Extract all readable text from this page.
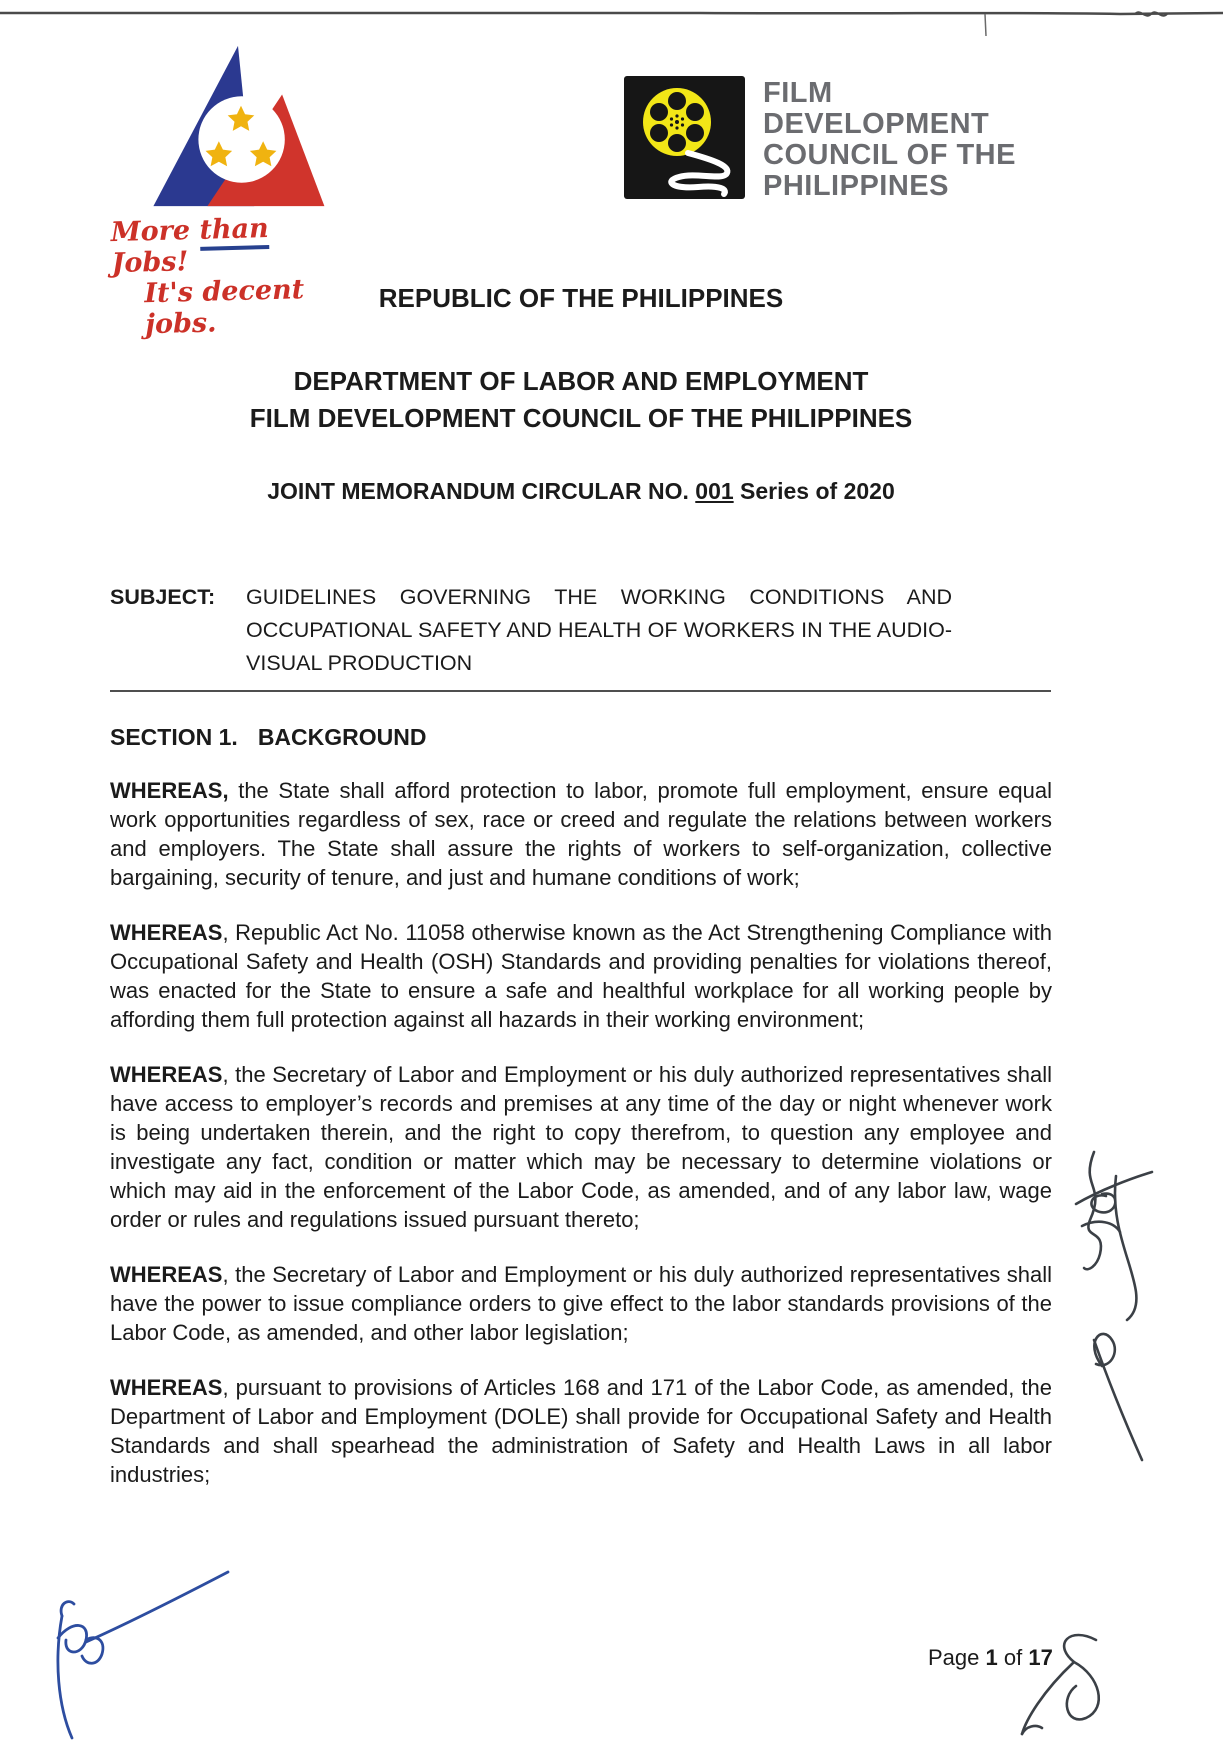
More than Jobs!
It's decent jobs.
FILM
DEVELOPMENT
COUNCIL OF THE
PHILIPPINES
REPUBLIC OF THE PHILIPPINES
DEPARTMENT OF LABOR AND EMPLOYMENT
FILM DEVELOPMENT COUNCIL OF THE PHILIPPINES
JOINT MEMORANDUM CIRCULAR NO. 001 Series of 2020
SUBJECT:	GUIDELINES GOVERNING THE WORKING CONDITIONS AND OCCUPATIONAL SAFETY AND HEALTH OF WORKERS IN THE AUDIO-VISUAL PRODUCTION
SECTION 1. BACKGROUND

WHEREAS, the State shall afford protection to labor, promote full employment, ensure equal work opportunities regardless of sex, race or creed and regulate the relations between workers and employers. The State shall assure the rights of workers to self-organization, collective bargaining, security of tenure, and just and humane conditions of work;

WHEREAS, Republic Act No. 11058 otherwise known as the Act Strengthening Compliance with Occupational Safety and Health (OSH) Standards and providing penalties for violations thereof, was enacted for the State to ensure a safe and healthful workplace for all working people by affording them full protection against all hazards in their working environment;

WHEREAS, the Secretary of Labor and Employment or his duly authorized representatives shall have access to employer’s records and premises at any time of the day or night whenever work is being undertaken therein, and the right to copy therefrom, to question any employee and investigate any fact, condition or matter which may be necessary to determine violations or which may aid in the enforcement of the Labor Code, as amended, and of any labor law, wage order or rules and regulations issued pursuant thereto;

WHEREAS, the Secretary of Labor and Employment or his duly authorized representatives shall have the power to issue compliance orders to give effect to the labor standards provisions of the Labor Code, as amended, and other labor legislation;

WHEREAS, pursuant to provisions of Articles 168 and 171 of the Labor Code, as amended, the Department of Labor and Employment (DOLE) shall provide for Occupational Safety and Health Standards and shall spearhead the administration of Safety and Health Laws in all labor industries;

Page 1 of 17
